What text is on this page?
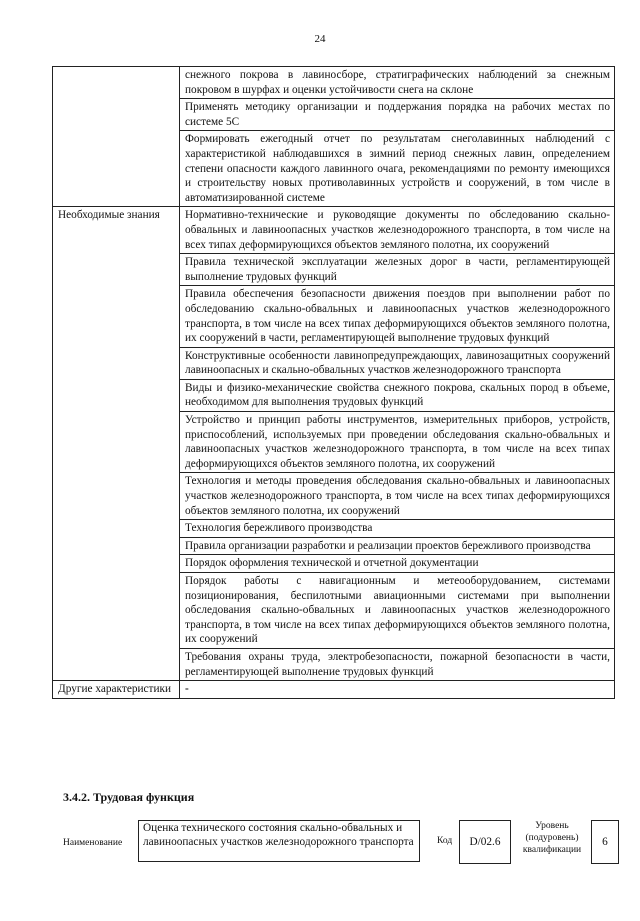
24
	снежного покрова в лавиносборе, стратиграфических наблюдений за снежным покровом в шурфах и оценки устойчивости снега на склоне
	Применять методику организации и поддержания порядка на рабочих местах по системе 5С
	Формировать ежегодный отчет по результатам снеголавинных наблюдений с характеристикой наблюдавшихся в зимний период снежных лавин, определением степени опасности каждого лавинного очага, рекомендациями по ремонту имеющихся и строительству новых противолавинных устройств и сооружений, в том числе в автоматизированной системе
Необходимые знания	Нормативно-технические и руководящие документы по обследованию скально-обвальных и лавиноопасных участков железнодорожного транспорта, в том числе на всех типах деформирующихся объектов земляного полотна, их сооружений
	Правила технической эксплуатации железных дорог в части, регламентирующей выполнение трудовых функций
	Правила обеспечения безопасности движения поездов при выполнении работ по обследованию скально-обвальных и лавиноопасных участков железнодорожного транспорта, в том числе на всех типах деформирующихся объектов земляного полотна, их сооружений в части, регламентирующей выполнение трудовых функций
	Конструктивные особенности лавинопредупреждающих, лавинозащитных сооружений лавиноопасных и скально-обвальных участков железнодорожного транспорта
	Виды и физико-механические свойства снежного покрова, скальных пород в объеме, необходимом для выполнения трудовых функций
	Устройство и принцип работы инструментов, измерительных приборов, устройств, приспособлений, используемых при проведении обследования скально-обвальных и лавиноопасных участков железнодорожного транспорта, в том числе на всех типах деформирующихся объектов земляного полотна, их сооружений
	Технология и методы проведения обследования скально-обвальных и лавиноопасных участков железнодорожного транспорта, в том числе на всех типах деформирующихся объектов земляного полотна, их сооружений
	Технология бережливого производства
	Правила организации разработки и реализации проектов бережливого производства
	Порядок оформления технической и отчетной документации
	Порядок работы с навигационным и метеооборудованием, системами позиционирования, беспилотными авиационными системами при выполнении обследования скально-обвальных и лавиноопасных участков железнодорожного транспорта, в том числе на всех типах деформирующихся объектов земляного полотна, их сооружений
	Требования охраны труда, электробезопасности, пожарной безопасности в части, регламентирующей выполнение трудовых функций
Другие характеристики	-
3.4.2. Трудовая функция
Наименование
Оценка технического состояния скально-обвальных и лавиноопасных участков железнодорожного транспорта	Код	D/02.6
Уровень (подуровень) квалификации
6
